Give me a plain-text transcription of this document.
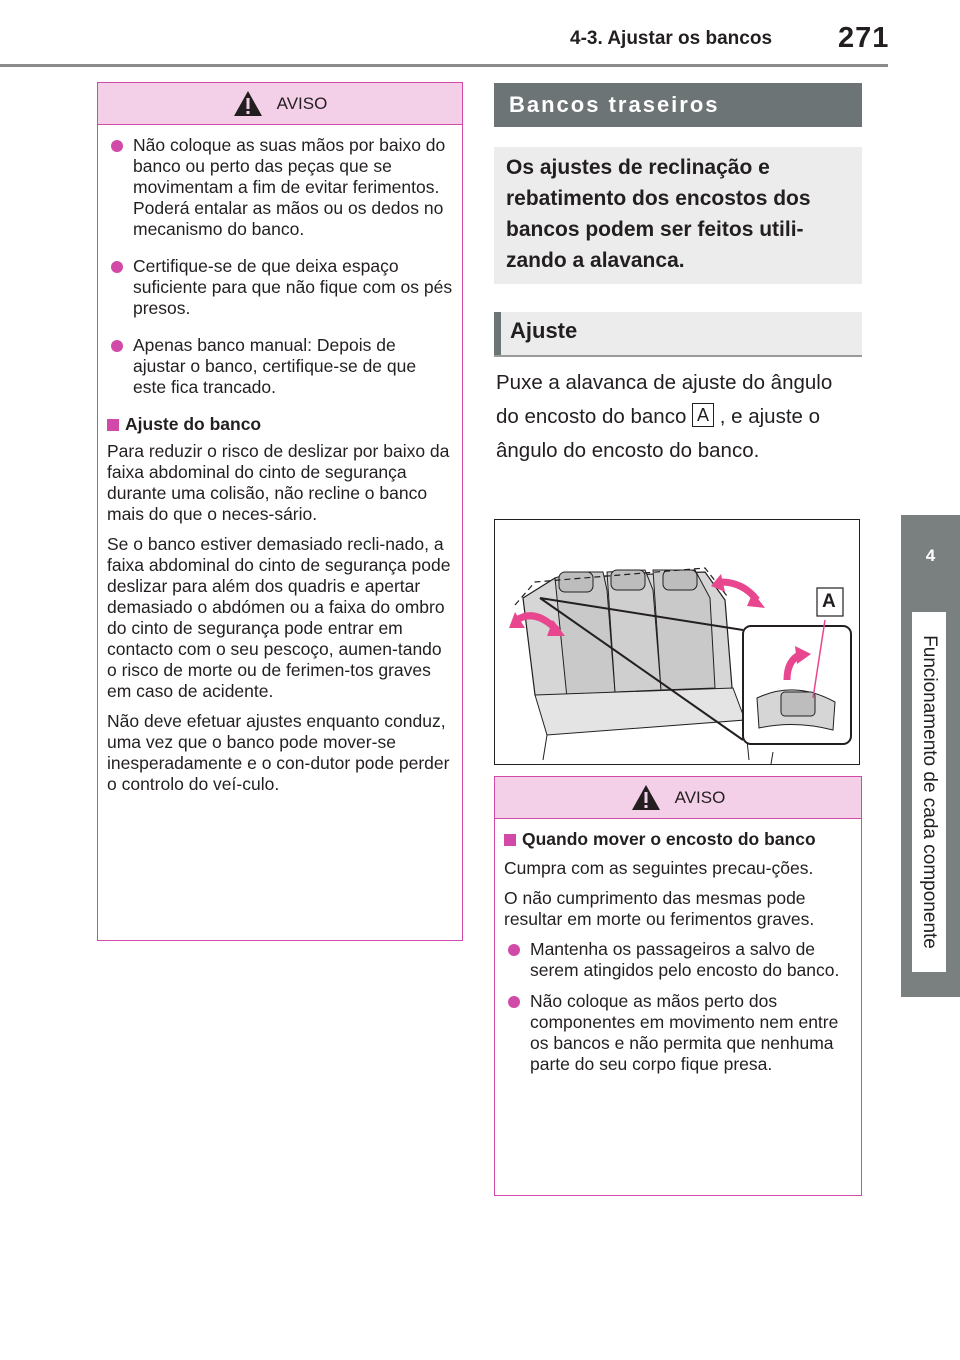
4-3. Ajustar os bancos 271
4
Funcionamento de cada componente
AVISO
Não coloque as suas mãos por baixo do banco ou perto das peças que se movimentam a fim de evitar ferimentos.
Poderá entalar as mãos ou os dedos no mecanismo do banco.
Certifique-se de que deixa espaço suficiente para que não fique com os pés presos.
Apenas banco manual: Depois de ajustar o banco, certifique-se de que este fica trancado.
Ajuste do banco
Para reduzir o risco de deslizar por baixo da faixa abdominal do cinto de segurança durante uma colisão, não recline o banco mais do que o neces-sário.
Se o banco estiver demasiado recli-nado, a faixa abdominal do cinto de segurança pode deslizar para além dos quadris e apertar demasiado o abdómen ou a faixa do ombro do cinto de segurança pode entrar em contacto com o seu pescoço, aumen-tando o risco de morte ou de ferimen-tos graves em caso de acidente.
Não deve efetuar ajustes enquanto conduz, uma vez que o banco pode mover-se inesperadamente e o con-dutor pode perder o controlo do veí-culo.
Bancos traseiros
Os ajustes de reclinação e rebatimento dos encostos dos bancos podem ser feitos utili-zando a alavanca.
Ajuste
Puxe a alavanca de ajuste do ângulo do encosto do banco A , e ajuste o ângulo do encosto do banco.
A
AVISO
Quando mover o encosto do banco
Cumpra com as seguintes precau-ções.
O não cumprimento das mesmas pode resultar em morte ou ferimentos graves.
Mantenha os passageiros a salvo de serem atingidos pelo encosto do banco.
Não coloque as mãos perto dos componentes em movimento nem entre os bancos e não permita que nenhuma parte do seu corpo fique presa.
